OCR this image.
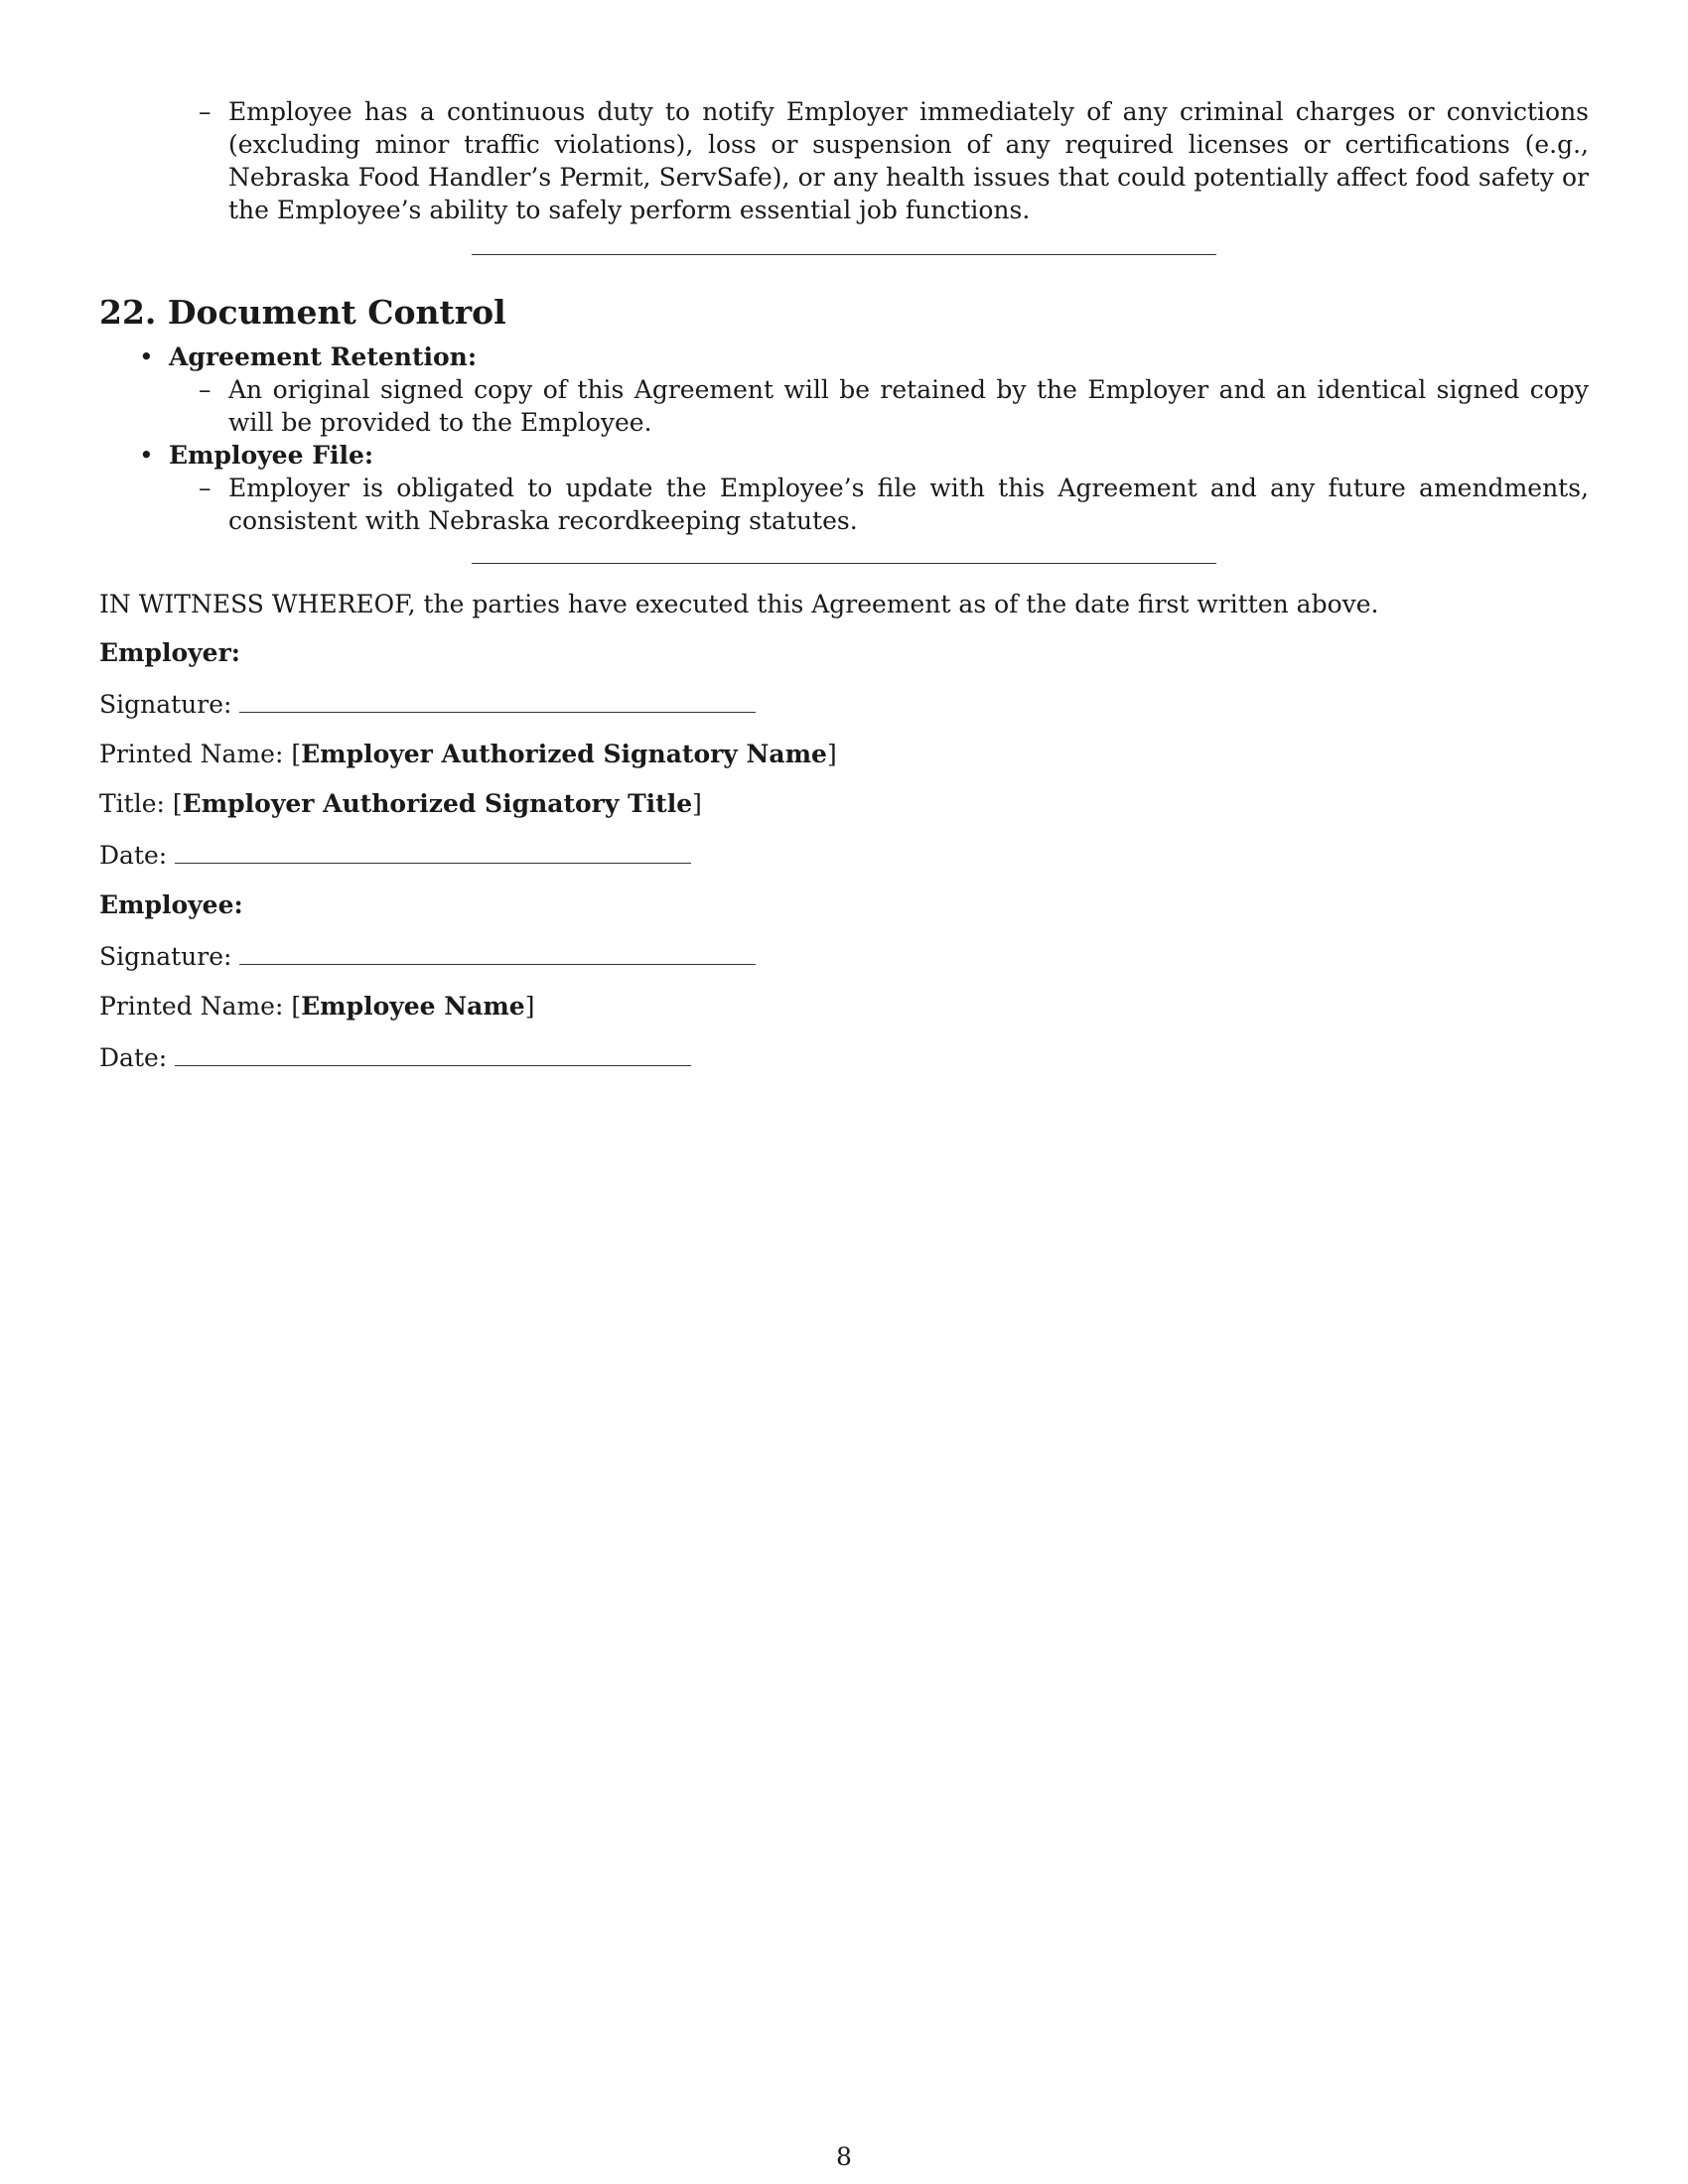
– Employee has a continuous duty to notify Employer immediately of any criminal charges or convictions (excluding minor traffic violations), loss or suspension of any required licenses or certifications (e.g., Nebraska Food Handler’s Permit, ServSafe), or any health issues that could potentially affect food safety or the Employee’s ability to safely perform essential job functions.
22. Document Control
• Agreement Retention:
– An original signed copy of this Agreement will be retained by the Employer and an identical signed copy will be provided to the Employee.
• Employee File:
– Employer is obligated to update the Employee’s file with this Agreement and any future amendments, consistent with Nebraska recordkeeping statutes.

IN WITNESS WHEREOF, the parties have executed this Agreement as of the date first written above.

Employer:

Signature:

Printed Name: [Employer Authorized Signatory Name]

Title: [Employer Authorized Signatory Title]

Date:

Employee:

Signature:

Printed Name: [Employee Name]

Date:

8
